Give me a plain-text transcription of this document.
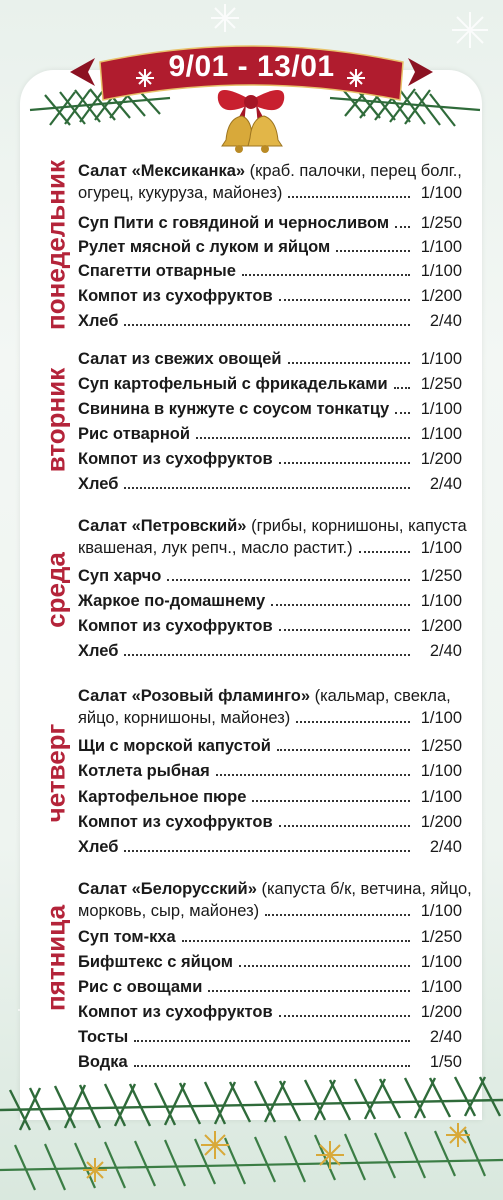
9/01 - 13/01
понедельник Салат «Мексиканка» (краб. палочки, перец болг.,
огурец, кукуруза, майонез)	1/100
Суп Пити с говядиной и черносливом 1/250
Рулет мясной с луком и яйцом	1/100
Спагетти отварные	1/100
Компот из сухофруктов	1/200
Хлеб	2/40
вторник
Салат из свежих овощей	1/100
Суп картофельный с фрикадельками 1/250
Свинина в кунжуте с соусом тонкатцу 1/100
Рис отварной	1/100
Компот из сухофруктов	1/200
Хлеб	2/40
среда
Салат «Петровский» (грибы, корнишоны, капуста
квашеная, лук репч., масло растит.)	1/100
Суп харчо	1/250
Жаркое по-домашнему	1/100
Компот из сухофруктов	1/200
Хлеб	2/40
четверг
Салат «Розовый фламинго» (кальмар, свекла,
яйцо, корнишоны, майонез)	1/100
Щи с морской капустой	1/250
Котлета рыбная	1/100
Картофельное пюре	1/100
Компот из сухофруктов	1/200
Хлеб	2/40
пятница
Салат «Белорусский» (капуста б/к, ветчина, яйцо,
морковь, сыр, майонез)	1/100
Суп том-кха	1/250
Бифштекс с яйцом	1/100
Рис с овощами	1/100
Компот из сухофруктов	1/200
Тосты	2/40
Водка	1/50
